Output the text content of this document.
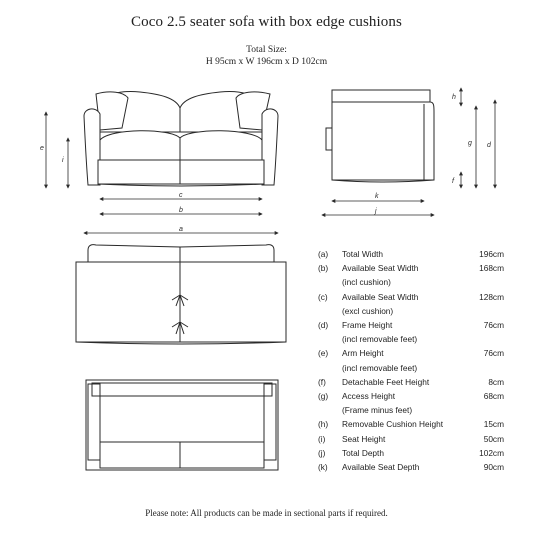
Coco 2.5 seater sofa with box edge cushions
Total Size:
H 95cm x W 196cm x D 102cm
e
i
c
b
a
h
g d
f
k
j
(a) Total Width	196cm
(b) Available Seat Width	168cm
(incl cushion)
(c) Available Seat Width	128cm
(excl cushion)
(d) Frame Height	76cm
(incl removable feet)
(e) Arm Height	76cm
(incl removable feet)
(f) Detachable Feet Height	8cm
(g) Access Height	68cm
(Frame minus feet)
(h) Removable Cushion Height	15cm
(i) Seat Height	50cm
(j) Total Depth	102cm
(k) Available Seat Depth	90cm
Please note: All products can be made in sectional parts if required.
